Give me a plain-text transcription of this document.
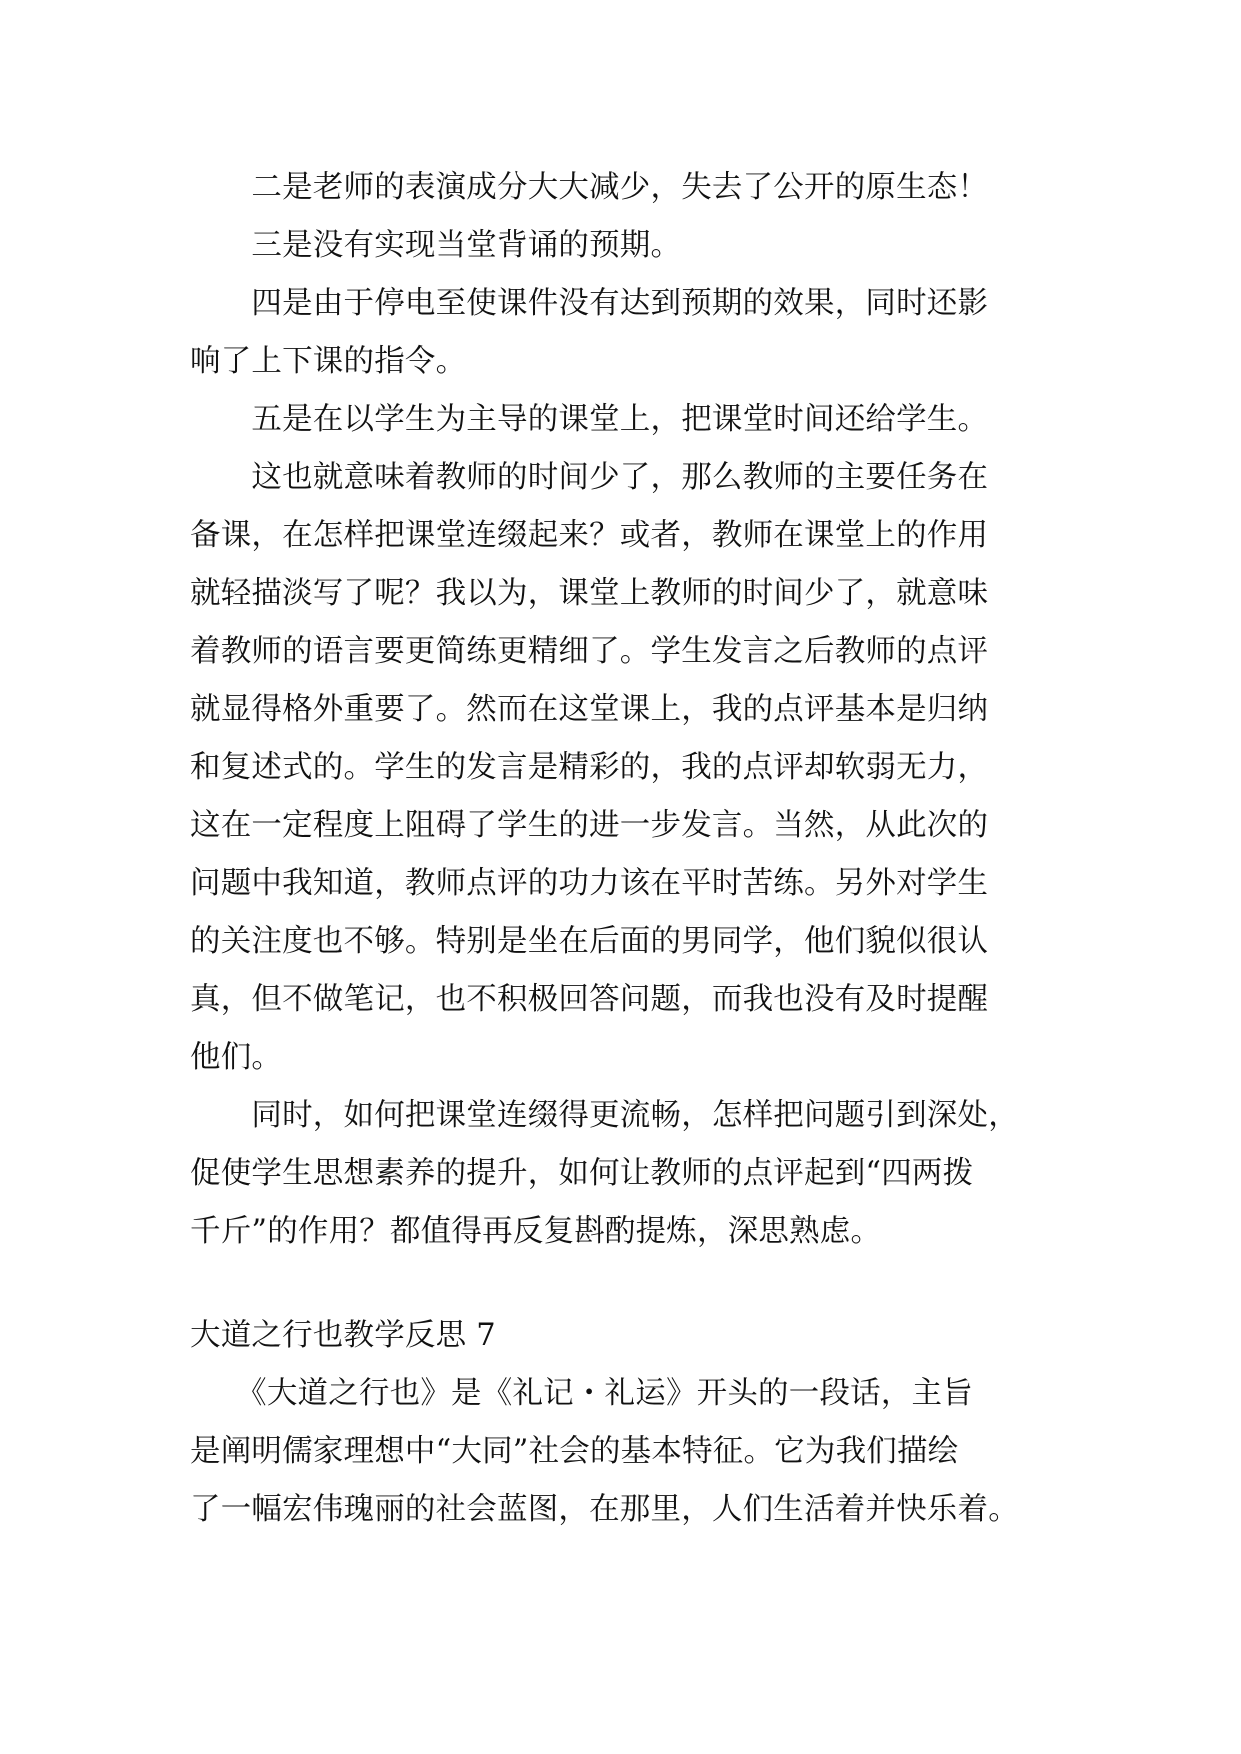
　　二是老师的表演成分大大减少，失去了公开的原生态！
　　三是没有实现当堂背诵的预期。
　　四是由于停电至使课件没有达到预期的效果，同时还影
响了上下课的指令。
　　五是在以学生为主导的课堂上，把课堂时间还给学生。
　　这也就意味着教师的时间少了，那么教师的主要任务在
备课，在怎样把课堂连缀起来？或者，教师在课堂上的作用
就轻描淡写了呢？我以为，课堂上教师的时间少了，就意味
着教师的语言要更简练更精细了。学生发言之后教师的点评
就显得格外重要了。然而在这堂课上，我的点评基本是归纳
和复述式的。学生的发言是精彩的，我的点评却软弱无力，
这在一定程度上阻碍了学生的进一步发言。当然，从此次的
问题中我知道，教师点评的功力该在平时苦练。另外对学生
的关注度也不够。特别是坐在后面的男同学，他们貌似很认
真，但不做笔记，也不积极回答问题，而我也没有及时提醒
他们。
　　同时，如何把课堂连缀得更流畅，怎样把问题引到深处，
促使学生思想素养的提升，如何让教师的点评起到“四两拨
千斤”的作用？都值得再反复斟酌提炼，深思熟虑。
大道之行也教学反思 7
　　《大道之行也》是《礼记・礼运》开头的一段话，主旨
是阐明儒家理想中“大同”社会的基本特征。它为我们描绘
了一幅宏伟瑰丽的社会蓝图，在那里，人们生活着并快乐着。
